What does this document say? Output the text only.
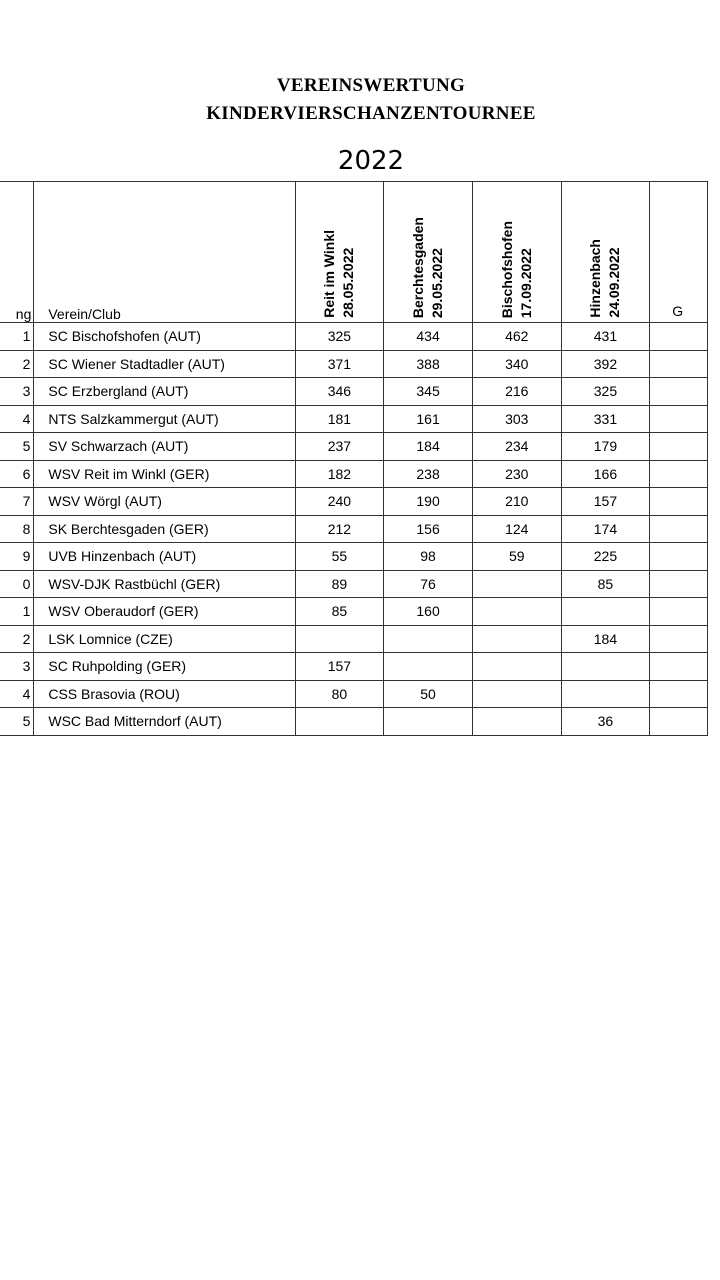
VEREINSWERTUNG
KINDERVIERSCHANZENTOURNEE
2022
ng	Verein/Club	Reit im Winkl 28.05.2022	Berchtesgaden 29.05.2022	Bischofshofen 17.09.2022	Hinzenbach 24.09.2022	G

1	SC Bischofshofen (AUT)	325	434	462	431	
2	SC Wiener Stadtadler (AUT)	371	388	340	392	
3	SC Erzbergland (AUT)	346	345	216	325	
4	NTS Salzkammergut (AUT)	181	161	303	331	
5	SV Schwarzach (AUT)	237	184	234	179	
6	WSV Reit im Winkl (GER)	182	238	230	166	
7	WSV Wörgl (AUT)	240	190	210	157	
8	SK Berchtesgaden (GER)	212	156	124	174	
9	UVB Hinzenbach (AUT)	55	98	59	225	
0	WSV-DJK Rastbüchl (GER)	89	76		85	
1	WSV Oberaudorf (GER)	85	160			
2	LSK Lomnice (CZE)				184	
3	SC Ruhpolding (GER)	157				
4	CSS Brasovia (ROU)	80	50			
5	WSC Bad Mitterndorf (AUT)				36	
